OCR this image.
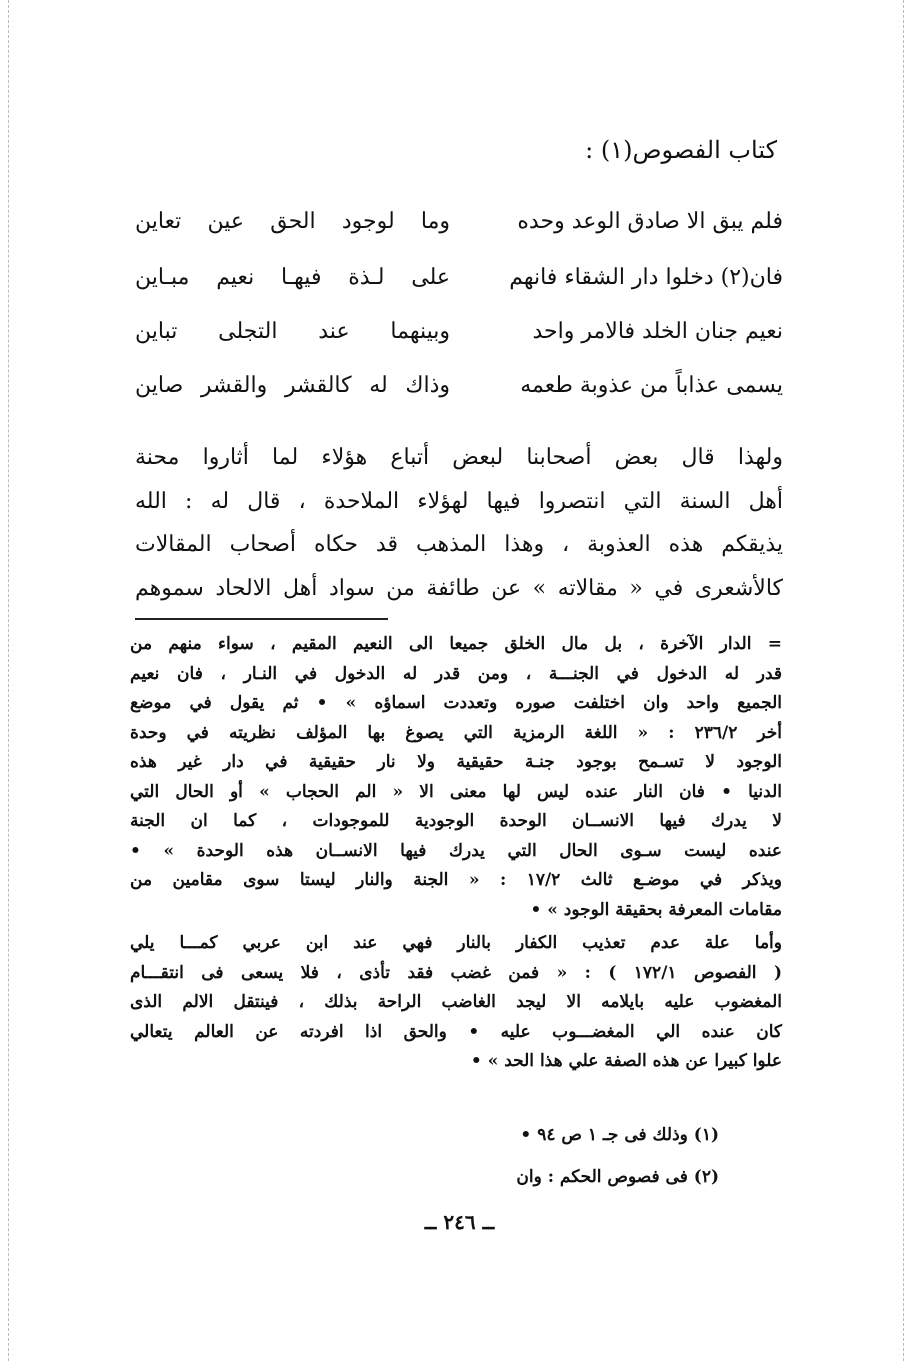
كتاب الفصوص(١) :
فلم يبق الا صادق الوعد وحده
وما لوجود الحق عين تعاين
فان(٢) دخلوا دار الشقاء فانهم
على لـذة فيهـا نعيم مبـاين
نعيم جنان الخلد فالامر واحد
وبينهما عند التجلى تباين
يسمى عذاباً من عذوبة طعمه
وذاك له كالقشر والقشر صاين
ولهذا قال بعض أصحابنا لبعض أتباع هؤلاء لما أثاروا محنة
أهل السنة التي انتصروا فيها لهؤلاء الملاحدة ، قال له : الله
يذيقكم هذه العذوبة ، وهذا المذهب قد حكاه أصحاب المقالات
كالأشعرى في « مقالاته » عن طائفة من سواد أهل الالحاد سموهم
= الدار الآخرة ، بل مال الخلق جميعا الى النعيم المقيم ، سواء منهم من
قدر له الدخول في الجنـــة ، ومن قدر له الدخول في النـار ، فان نعيم
الجميع واحد وان اختلفت صوره وتعددت اسماؤه » • ثم يقول في موضع
أخر ٢٣٦/٢ : « اللغة الرمزية التي يصوغ بها المؤلف نظريته في وحدة
الوجود لا تسـمح بوجود جنـة حقيقية ولا نار حقيقية في دار غير هذه
الدنيا • فان النار عنده ليس لها معنى الا « الم الحجاب » أو الحال التي
لا يدرك فيها الانســان الوحدة الوجودية للموجودات ، كما ان الجنة
عنده ليست سـوى الحال التي يدرك فيها الانســان هذه الوحدة » •
ويذكر في موضـع ثالث ١٧/٢ : « الجنة والنار ليستا سوى مقامين من
مقامات المعرفة بحقيقة الوجود » •
وأما علة عدم تعذيب الكفار بالنار فهي عند ابن عربي كمـــا يلي
( الفصوص ١٧٢/١ ) : « فمن غضب فقد تأذى ، فلا يسعى فى انتقـــام
المغضوب عليه بايلامه الا ليجد الغاضب الراحة بذلك ، فينتقل الالم الذى
كان عنده الي المغضـــوب عليه • والحق اذا افردته عن العالم يتعالي
علوا كبيرا عن هذه الصفة علي هذا الحد » •
(١) وذلك فى جـ ١ ص ٩٤ •
(٢) فى فصوص الحكم : وان
ــ ٢٤٦ ــ
